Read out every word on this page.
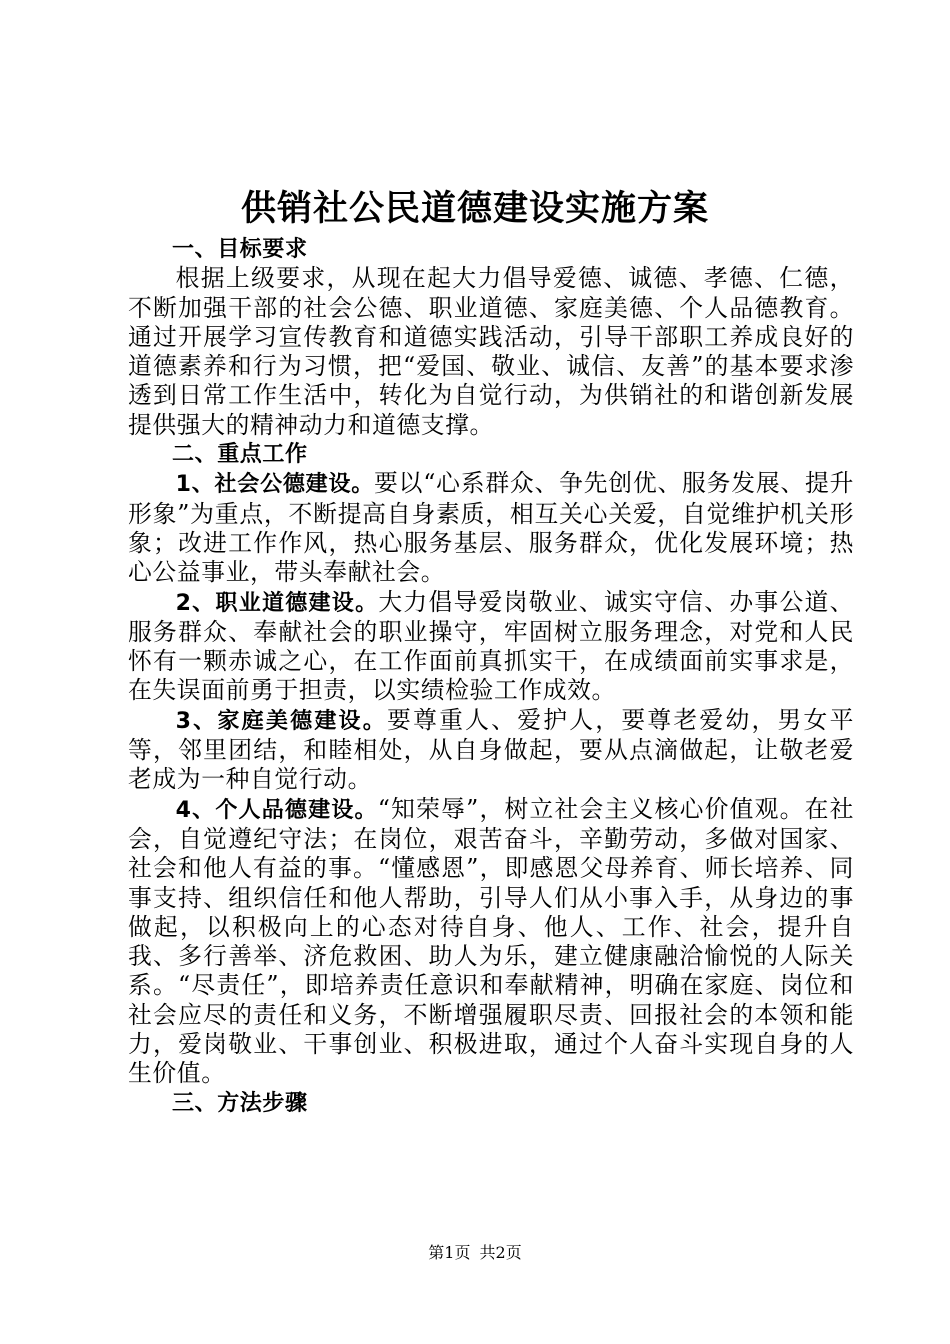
供销社公民道德建设实施方案

一、目标要求

根据上级要求，从现在起大力倡导爱德、诚德、孝德、仁德，不断加强干部的社会公德、职业道德、家庭美德、个人品德教育。通过开展学习宣传教育和道德实践活动，引导干部职工养成良好的道德素养和行为习惯，把“爱国、敬业、诚信、友善”的基本要求渗透到日常工作生活中，转化为自觉行动，为供销社的和谐创新发展提供强大的精神动力和道德支撑。

二、重点工作

1、社会公德建设。要以“心系群众、争先创优、服务发展、提升形象”为重点，不断提高自身素质，相互关心关爱，自觉维护机关形象；改进工作作风，热心服务基层、服务群众，优化发展环境；热心公益事业，带头奉献社会。

2、职业道德建设。大力倡导爱岗敬业、诚实守信、办事公道、服务群众、奉献社会的职业操守，牢固树立服务理念，对党和人民怀有一颗赤诚之心，在工作面前真抓实干，在成绩面前实事求是，在失误面前勇于担责，以实绩检验工作成效。

3、家庭美德建设。要尊重人、爱护人，要尊老爱幼，男女平等，邻里团结，和睦相处，从自身做起，要从点滴做起，让敬老爱老成为一种自觉行动。

4、个人品德建设。“知荣辱”，树立社会主义核心价值观。在社会，自觉遵纪守法；在岗位，艰苦奋斗，辛勤劳动，多做对国家、社会和他人有益的事。“懂感恩”，即感恩父母养育、师长培养、同事支持、组织信任和他人帮助，引导人们从小事入手，从身边的事做起，以积极向上的心态对待自身、他人、工作、社会，提升自我、多行善举、济危救困、助人为乐，建立健康融洽愉悦的人际关系。“尽责任”，即培养责任意识和奉献精神，明确在家庭、岗位和社会应尽的责任和义务，不断增强履职尽责、回报社会的本领和能力，爱岗敬业、干事创业、积极进取，通过个人奋斗实现自身的人生价值。

三、方法步骤

第1页 共2页
